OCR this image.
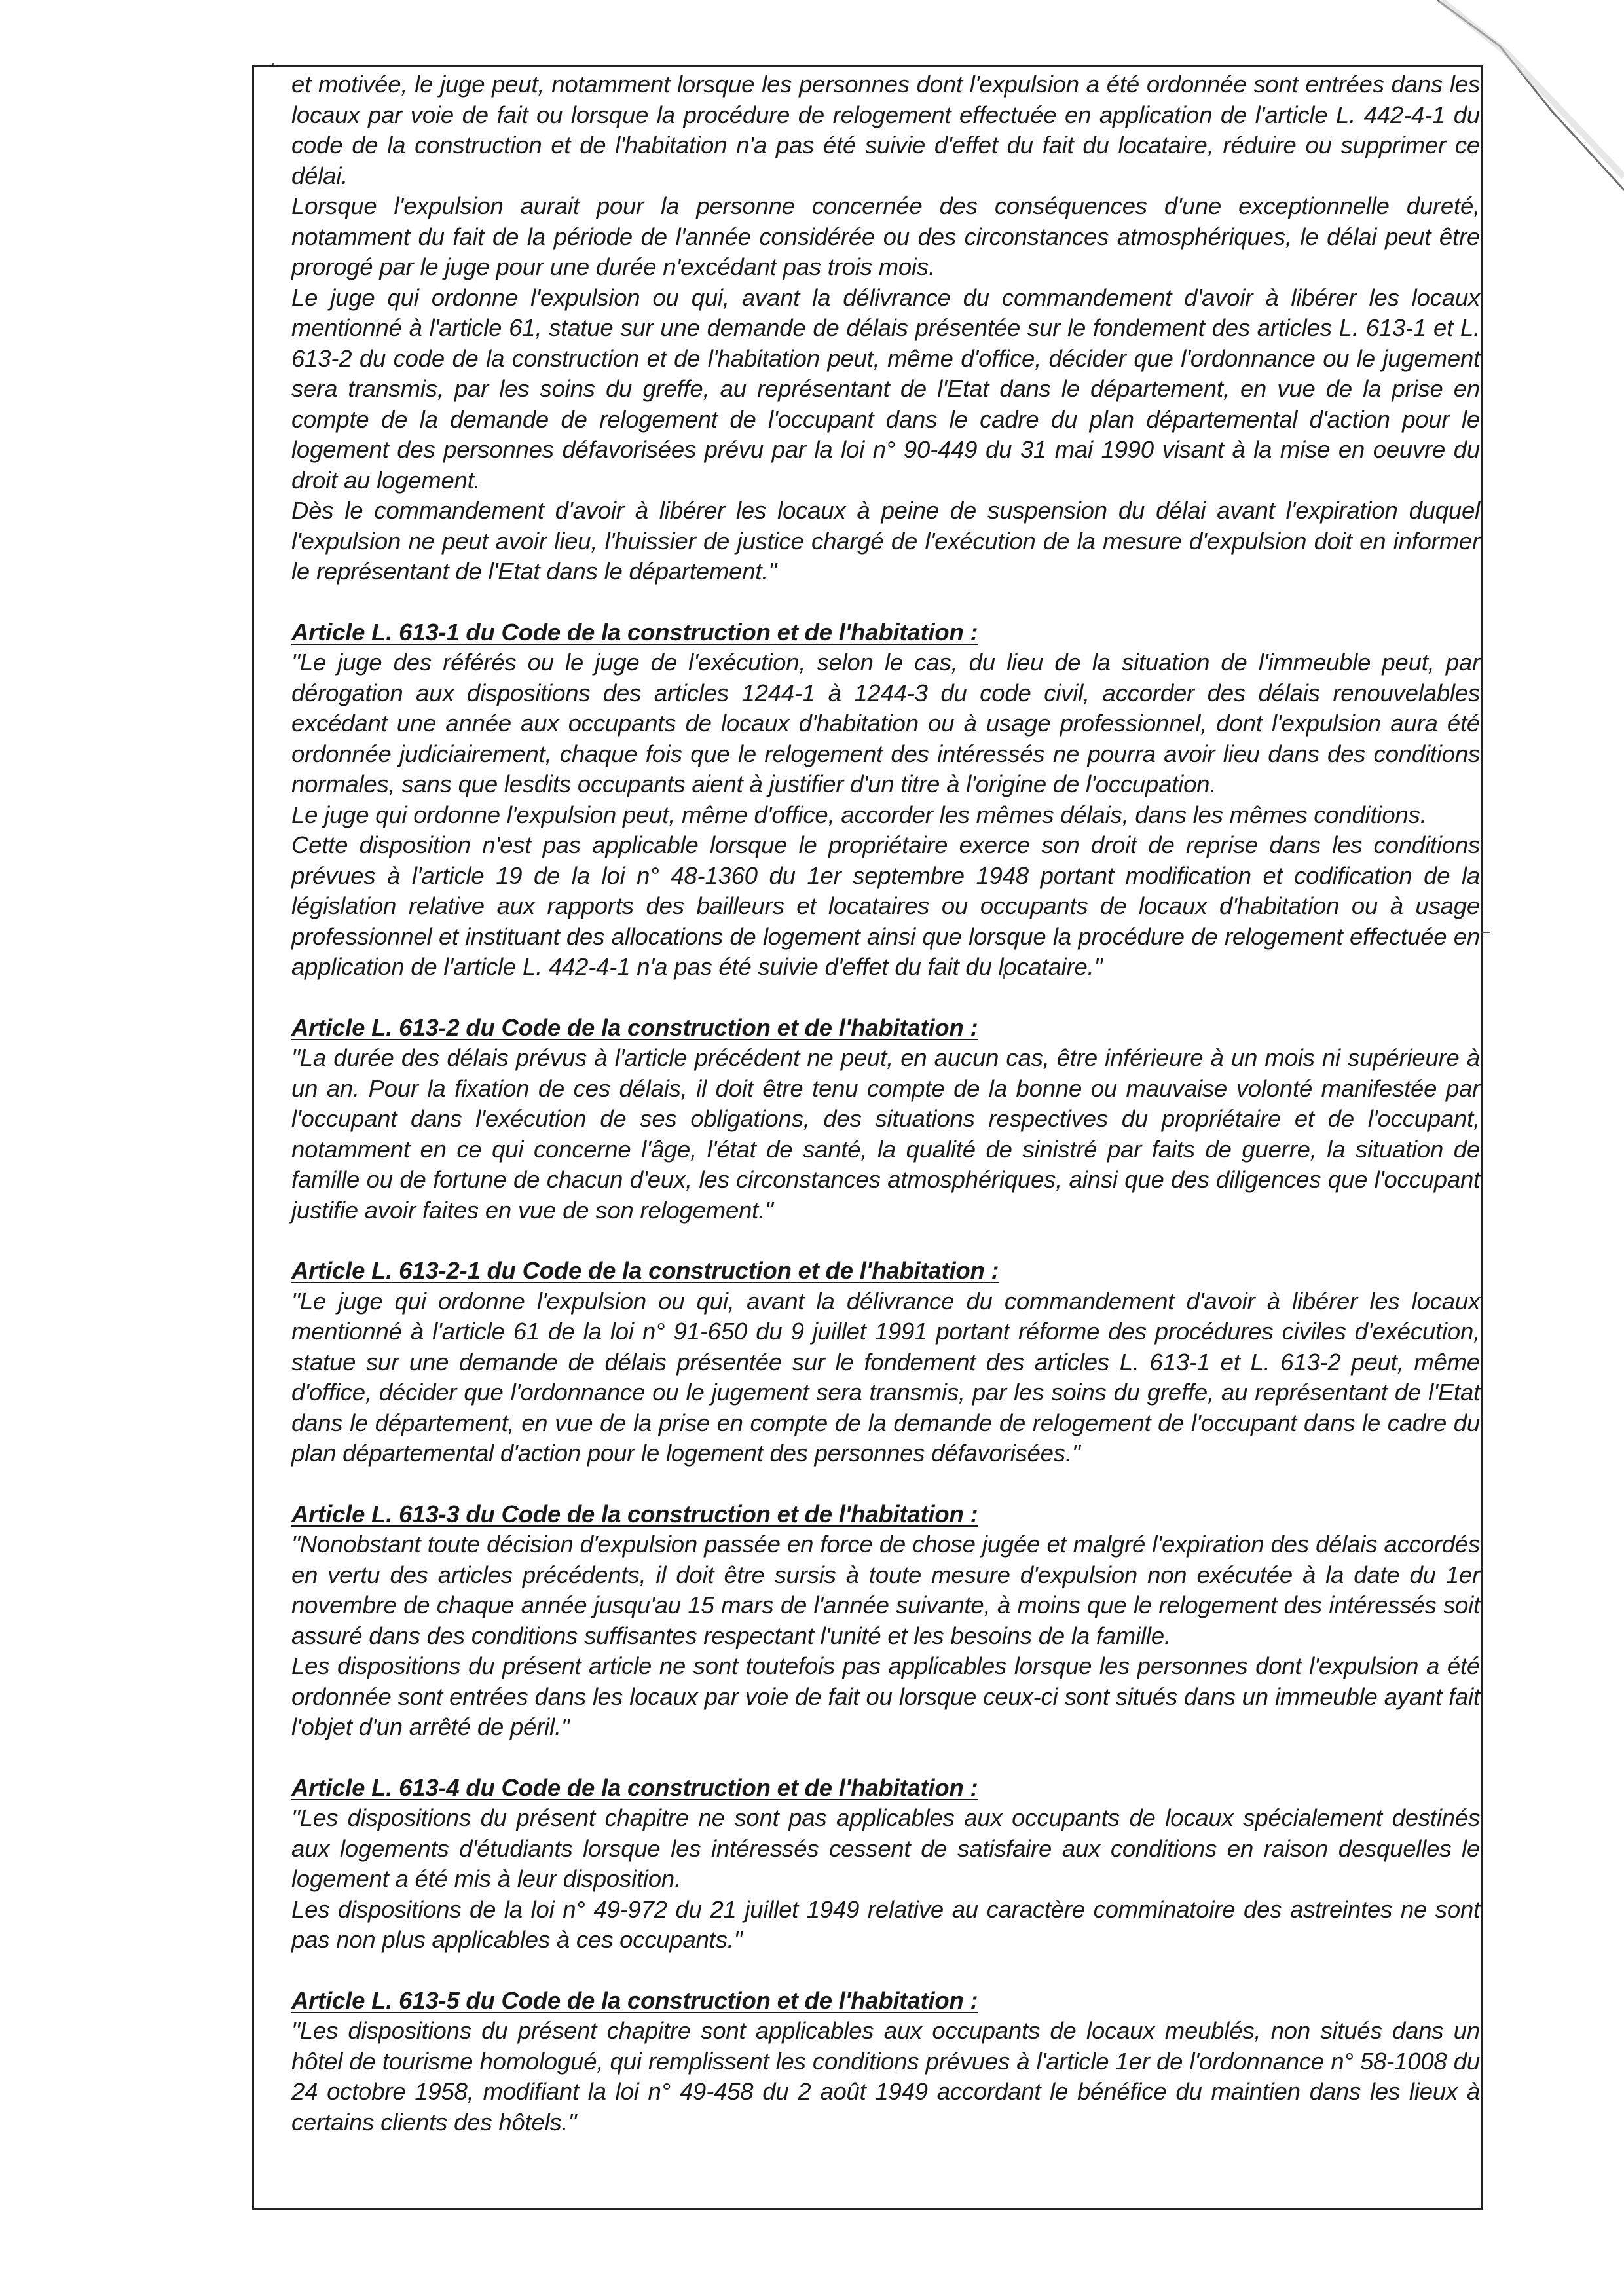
et motivée, le juge peut, notamment lorsque les personnes dont l'expulsion a été ordonnée sont entrées dans les locaux par voie de fait ou lorsque la procédure de relogement effectuée en application de l'article L. 442-4-1 du code de la construction et de l'habitation n'a pas été suivie d'effet du fait du locataire, réduire ou supprimer ce délai.

Lorsque l'expulsion aurait pour la personne concernée des conséquences d'une exceptionnelle dureté, notamment du fait de la période de l'année considérée ou des circonstances atmosphériques, le délai peut être prorogé par le juge pour une durée n'excédant pas trois mois.

Le juge qui ordonne l'expulsion ou qui, avant la délivrance du commandement d'avoir à libérer les locaux mentionné à l'article 61, statue sur une demande de délais présentée sur le fondement des articles L. 613-1 et L. 613-2 du code de la construction et de l'habitation peut, même d'office, décider que l'ordonnance ou le jugement sera transmis, par les soins du greffe, au représentant de l'Etat dans le département, en vue de la prise en compte de la demande de relogement de l'occupant dans le cadre du plan départemental d'action pour le logement des personnes défavorisées prévu par la loi n° 90-449 du 31 mai 1990 visant à la mise en oeuvre du droit au logement.

Dès le commandement d'avoir à libérer les locaux à peine de suspension du délai avant l'expiration duquel l'expulsion ne peut avoir lieu, l'huissier de justice chargé de l'exécution de la mesure d'expulsion doit en informer le représentant de l'Etat dans le département."

Article L. 613-1 du Code de la construction et de l'habitation :

"Le juge des référés ou le juge de l'exécution, selon le cas, du lieu de la situation de l'immeuble peut, par dérogation aux dispositions des articles 1244-1 à 1244-3 du code civil, accorder des délais renouvelables excédant une année aux occupants de locaux d'habitation ou à usage professionnel, dont l'expulsion aura été ordonnée judiciairement, chaque fois que le relogement des intéressés ne pourra avoir lieu dans des conditions normales, sans que lesdits occupants aient à justifier d'un titre à l'origine de l'occupation.

Le juge qui ordonne l'expulsion peut, même d'office, accorder les mêmes délais, dans les mêmes conditions.

Cette disposition n'est pas applicable lorsque le propriétaire exerce son droit de reprise dans les conditions prévues à l'article 19 de la loi n° 48-1360 du 1er septembre 1948 portant modification et codification de la législation relative aux rapports des bailleurs et locataires ou occupants de locaux d'habitation ou à usage professionnel et instituant des allocations de logement ainsi que lorsque la procédure de relogement effectuée en application de l'article L. 442-4-1 n'a pas été suivie d'effet du fait du locataire."

Article L. 613-2 du Code de la construction et de l'habitation :

"La durée des délais prévus à l'article précédent ne peut, en aucun cas, être inférieure à un mois ni supérieure à un an. Pour la fixation de ces délais, il doit être tenu compte de la bonne ou mauvaise volonté manifestée par l'occupant dans l'exécution de ses obligations, des situations respectives du propriétaire et de l'occupant, notamment en ce qui concerne l'âge, l'état de santé, la qualité de sinistré par faits de guerre, la situation de famille ou de fortune de chacun d'eux, les circonstances atmosphériques, ainsi que des diligences que l'occupant justifie avoir faites en vue de son relogement."

Article L. 613-2-1 du Code de la construction et de l'habitation :

"Le juge qui ordonne l'expulsion ou qui, avant la délivrance du commandement d'avoir à libérer les locaux mentionné à l'article 61 de la loi n° 91-650 du 9 juillet 1991 portant réforme des procédures civiles d'exécution, statue sur une demande de délais présentée sur le fondement des articles L. 613-1 et L. 613-2 peut, même d'office, décider que l'ordonnance ou le jugement sera transmis, par les soins du greffe, au représentant de l'Etat dans le département, en vue de la prise en compte de la demande de relogement de l'occupant dans le cadre du plan départemental d'action pour le logement des personnes défavorisées."

Article L. 613-3 du Code de la construction et de l'habitation :

"Nonobstant toute décision d'expulsion passée en force de chose jugée et malgré l'expiration des délais accordés en vertu des articles précédents, il doit être sursis à toute mesure d'expulsion non exécutée à la date du 1er novembre de chaque année jusqu'au 15 mars de l'année suivante, à moins que le relogement des intéressés soit assuré dans des conditions suffisantes respectant l'unité et les besoins de la famille.

Les dispositions du présent article ne sont toutefois pas applicables lorsque les personnes dont l'expulsion a été ordonnée sont entrées dans les locaux par voie de fait ou lorsque ceux-ci sont situés dans un immeuble ayant fait l'objet d'un arrêté de péril."

Article L. 613-4 du Code de la construction et de l'habitation :

"Les dispositions du présent chapitre ne sont pas applicables aux occupants de locaux spécialement destinés aux logements d'étudiants lorsque les intéressés cessent de satisfaire aux conditions en raison desquelles le logement a été mis à leur disposition.

Les dispositions de la loi n° 49-972 du 21 juillet 1949 relative au caractère comminatoire des astreintes ne sont pas non plus applicables à ces occupants."

Article L. 613-5 du Code de la construction et de l'habitation :

"Les dispositions du présent chapitre sont applicables aux occupants de locaux meublés, non situés dans un hôtel de tourisme homologué, qui remplissent les conditions prévues à l'article 1er de l'ordonnance n° 58-1008 du 24 octobre 1958, modifiant la loi n° 49-458 du 2 août 1949 accordant le bénéfice du maintien dans les lieux à certains clients des hôtels."
